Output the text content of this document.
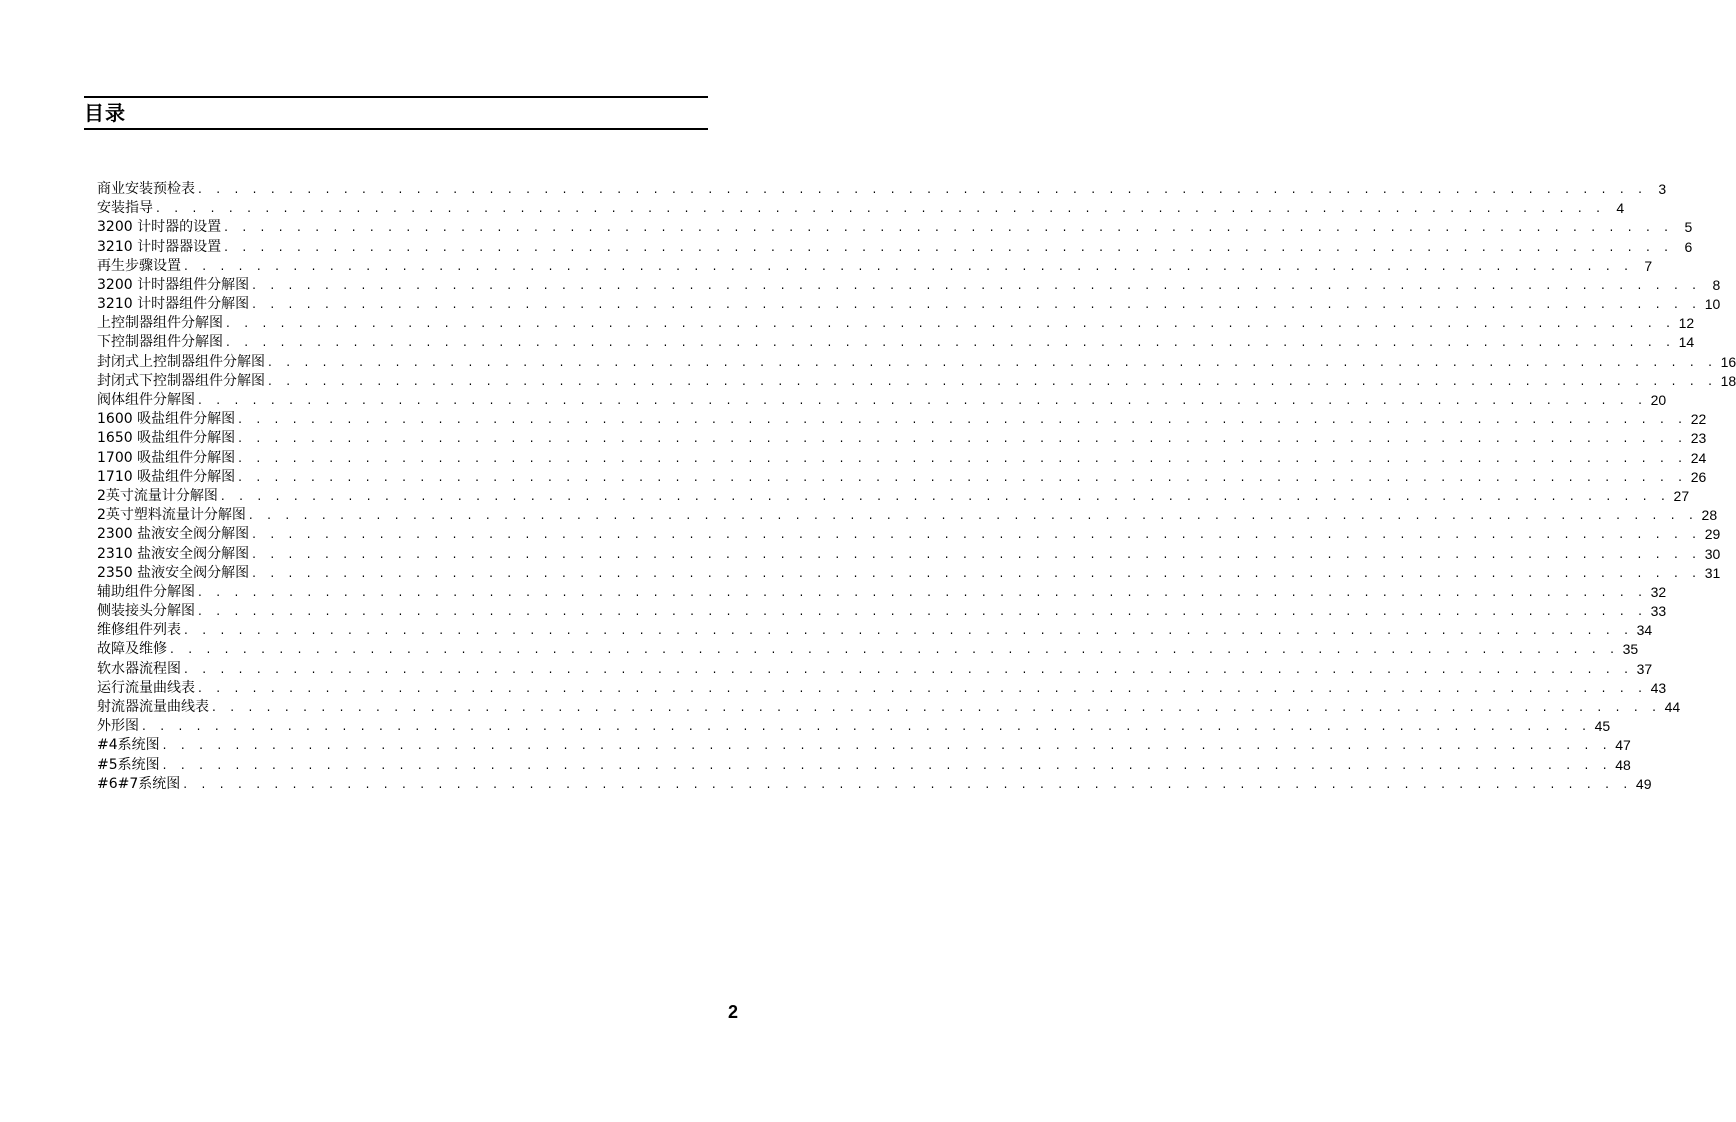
目录
商业安装预检表 . . . . . . . . . . . . . . . . . . . . . . . . . . . . . . . . . . . . . . . . . . . . . . . . . . . . . . . . . . . . . . . . . . . . . . . . . . . . . . . . 3
安装指导 . . . . . . . . . . . . . . . . . . . . . . . . . . . . . . . . . . . . . . . . . . . . . . . . . . . . . . . . . . . . . . . . . . . . . . . . . . . . . . . . 4
3200 计时器的设置 . . . . . . . . . . . . . . . . . . . . . . . . . . . . . . . . . . . . . . . . . . . . . . . . . . . . . . . . . . . . . . . . . . . . . . . . . . . . . . . . 5
3210 计时器器设置 . . . . . . . . . . . . . . . . . . . . . . . . . . . . . . . . . . . . . . . . . . . . . . . . . . . . . . . . . . . . . . . . . . . . . . . . . . . . . . . . 6
再生步骤设置 . . . . . . . . . . . . . . . . . . . . . . . . . . . . . . . . . . . . . . . . . . . . . . . . . . . . . . . . . . . . . . . . . . . . . . . . . . . . . . . . 7
3200 计时器组件分解图 . . . . . . . . . . . . . . . . . . . . . . . . . . . . . . . . . . . . . . . . . . . . . . . . . . . . . . . . . . . . . . . . . . . . . . . . . . . . . . . . 8
3210 计时器组件分解图 . . . . . . . . . . . . . . . . . . . . . . . . . . . . . . . . . . . . . . . . . . . . . . . . . . . . . . . . . . . . . . . . . . . . . . . . . . . . . . . . 10
上控制器组件分解图 . . . . . . . . . . . . . . . . . . . . . . . . . . . . . . . . . . . . . . . . . . . . . . . . . . . . . . . . . . . . . . . . . . . . . . . . . . . . . . . . 12
下控制器组件分解图 . . . . . . . . . . . . . . . . . . . . . . . . . . . . . . . . . . . . . . . . . . . . . . . . . . . . . . . . . . . . . . . . . . . . . . . . . . . . . . . . 14
封闭式上控制器组件分解图 . . . . . . . . . . . . . . . . . . . . . . . . . . . . . . . . . . . . . . . . . . . . . . . . . . . . . . . . . . . . . . . . . . . . . . . . . . . . . . . . 16
封闭式下控制器组件分解图 . . . . . . . . . . . . . . . . . . . . . . . . . . . . . . . . . . . . . . . . . . . . . . . . . . . . . . . . . . . . . . . . . . . . . . . . . . . . . . . . 18
阀体组件分解图 . . . . . . . . . . . . . . . . . . . . . . . . . . . . . . . . . . . . . . . . . . . . . . . . . . . . . . . . . . . . . . . . . . . . . . . . . . . . . . . . 20
1600 吸盐组件分解图 . . . . . . . . . . . . . . . . . . . . . . . . . . . . . . . . . . . . . . . . . . . . . . . . . . . . . . . . . . . . . . . . . . . . . . . . . . . . . . . . 22
1650 吸盐组件分解图 . . . . . . . . . . . . . . . . . . . . . . . . . . . . . . . . . . . . . . . . . . . . . . . . . . . . . . . . . . . . . . . . . . . . . . . . . . . . . . . . 23
1700 吸盐组件分解图 . . . . . . . . . . . . . . . . . . . . . . . . . . . . . . . . . . . . . . . . . . . . . . . . . . . . . . . . . . . . . . . . . . . . . . . . . . . . . . . . 24
1710 吸盐组件分解图 . . . . . . . . . . . . . . . . . . . . . . . . . . . . . . . . . . . . . . . . . . . . . . . . . . . . . . . . . . . . . . . . . . . . . . . . . . . . . . . . 26
2英寸流量计分解图 . . . . . . . . . . . . . . . . . . . . . . . . . . . . . . . . . . . . . . . . . . . . . . . . . . . . . . . . . . . . . . . . . . . . . . . . . . . . . . . . 27
2英寸塑料流量计分解图 . . . . . . . . . . . . . . . . . . . . . . . . . . . . . . . . . . . . . . . . . . . . . . . . . . . . . . . . . . . . . . . . . . . . . . . . . . . . . . . . 28
2300 盐液安全阀分解图 . . . . . . . . . . . . . . . . . . . . . . . . . . . . . . . . . . . . . . . . . . . . . . . . . . . . . . . . . . . . . . . . . . . . . . . . . . . . . . . . 29
2310 盐液安全阀分解图 . . . . . . . . . . . . . . . . . . . . . . . . . . . . . . . . . . . . . . . . . . . . . . . . . . . . . . . . . . . . . . . . . . . . . . . . . . . . . . . . 30
2350 盐液安全阀分解图 . . . . . . . . . . . . . . . . . . . . . . . . . . . . . . . . . . . . . . . . . . . . . . . . . . . . . . . . . . . . . . . . . . . . . . . . . . . . . . . . 31
辅助组件分解图 . . . . . . . . . . . . . . . . . . . . . . . . . . . . . . . . . . . . . . . . . . . . . . . . . . . . . . . . . . . . . . . . . . . . . . . . . . . . . . . . 32
侧装接头分解图 . . . . . . . . . . . . . . . . . . . . . . . . . . . . . . . . . . . . . . . . . . . . . . . . . . . . . . . . . . . . . . . . . . . . . . . . . . . . . . . . 33
维修组件列表 . . . . . . . . . . . . . . . . . . . . . . . . . . . . . . . . . . . . . . . . . . . . . . . . . . . . . . . . . . . . . . . . . . . . . . . . . . . . . . . . 34
故障及维修 . . . . . . . . . . . . . . . . . . . . . . . . . . . . . . . . . . . . . . . . . . . . . . . . . . . . . . . . . . . . . . . . . . . . . . . . . . . . . . . . 35
软水器流程图 . . . . . . . . . . . . . . . . . . . . . . . . . . . . . . . . . . . . . . . . . . . . . . . . . . . . . . . . . . . . . . . . . . . . . . . . . . . . . . . . 37
运行流量曲线表 . . . . . . . . . . . . . . . . . . . . . . . . . . . . . . . . . . . . . . . . . . . . . . . . . . . . . . . . . . . . . . . . . . . . . . . . . . . . . . . . 43
射流器流量曲线表 . . . . . . . . . . . . . . . . . . . . . . . . . . . . . . . . . . . . . . . . . . . . . . . . . . . . . . . . . . . . . . . . . . . . . . . . . . . . . . . . 44
外形图 . . . . . . . . . . . . . . . . . . . . . . . . . . . . . . . . . . . . . . . . . . . . . . . . . . . . . . . . . . . . . . . . . . . . . . . . . . . . . . . . 45
#4系统图 . . . . . . . . . . . . . . . . . . . . . . . . . . . . . . . . . . . . . . . . . . . . . . . . . . . . . . . . . . . . . . . . . . . . . . . . . . . . . . . . 47
#5系统图 . . . . . . . . . . . . . . . . . . . . . . . . . . . . . . . . . . . . . . . . . . . . . . . . . . . . . . . . . . . . . . . . . . . . . . . . . . . . . . . . 48
#6#7系统图 . . . . . . . . . . . . . . . . . . . . . . . . . . . . . . . . . . . . . . . . . . . . . . . . . . . . . . . . . . . . . . . . . . . . . . . . . . . . . . . . 49
2
